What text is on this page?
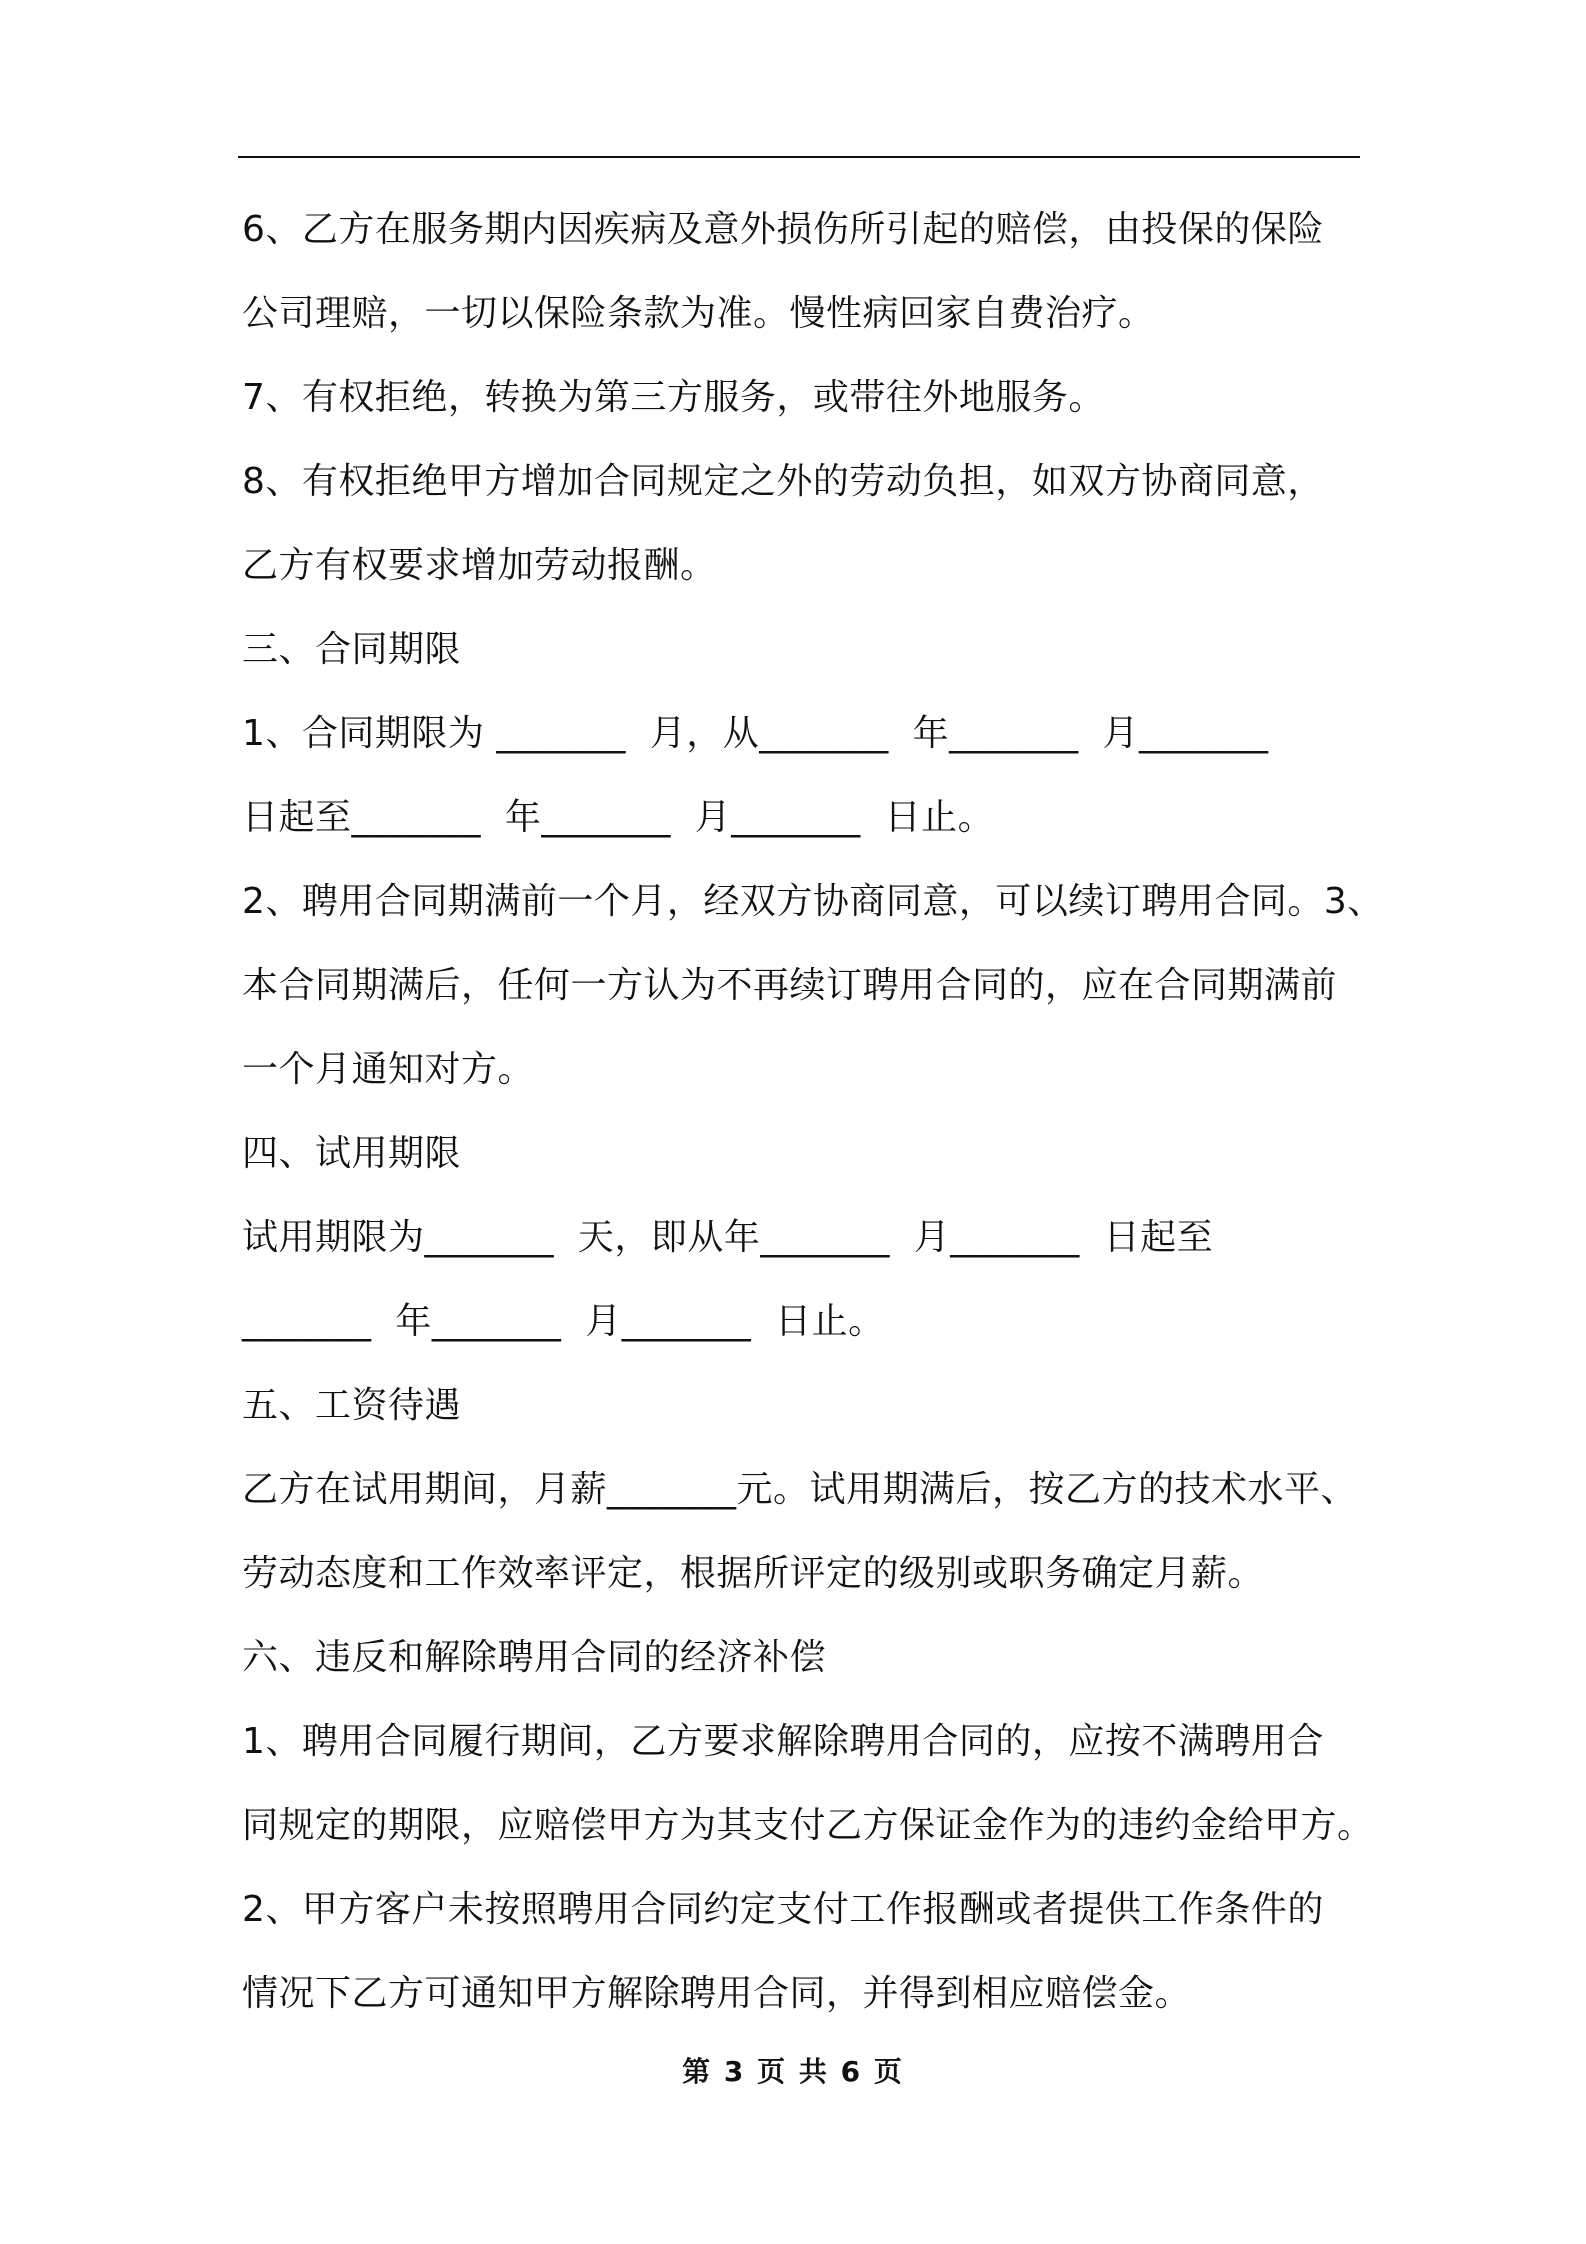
6、乙方在服务期内因疾病及意外损伤所引起的赔偿，由投保的保险
公司理赔，一切以保险条款为准。慢性病回家自费治疗。
7、有权拒绝，转换为第三方服务，或带往外地服务。
8、有权拒绝甲方增加合同规定之外的劳动负担，如双方协商同意，
乙方有权要求增加劳动报酬。
三、合同期限
1、合同期限为 _______  月，从_______  年_______  月_______
日起至_______  年_______  月_______  日止。
2、聘用合同期满前一个月，经双方协商同意，可以续订聘用合同。3、
本合同期满后，任何一方认为不再续订聘用合同的，应在合同期满前
一个月通知对方。
四、试用期限
试用期限为_______  天，即从年_______  月_______  日起至
_______  年_______  月_______  日止。
五、工资待遇
乙方在试用期间，月薪_______元。试用期满后，按乙方的技术水平、
劳动态度和工作效率评定，根据所评定的级别或职务确定月薪。
六、违反和解除聘用合同的经济补偿
1、聘用合同履行期间，乙方要求解除聘用合同的，应按不满聘用合
同规定的期限，应赔偿甲方为其支付乙方保证金作为的违约金给甲方。
2、甲方客户未按照聘用合同约定支付工作报酬或者提供工作条件的
情况下乙方可通知甲方解除聘用合同，并得到相应赔偿金。
第 3 页 共 6 页
